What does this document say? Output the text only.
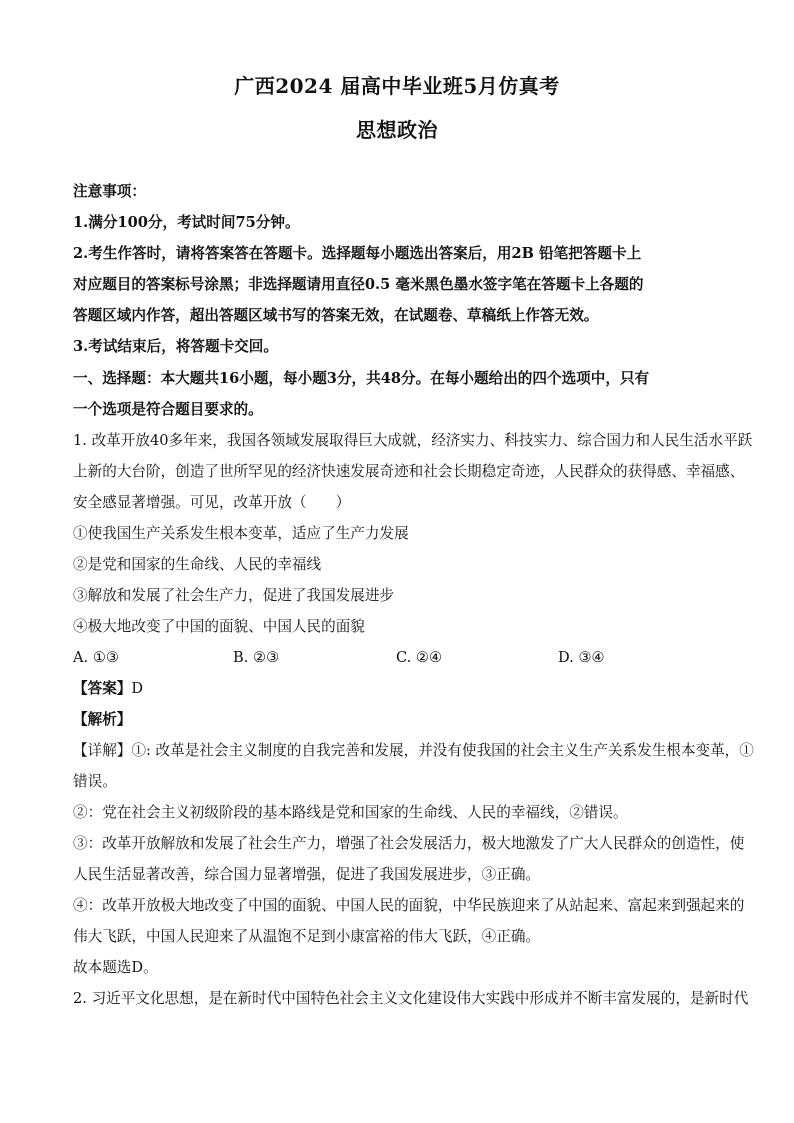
广西2024 届高中毕业班5月仿真考
思想政治
注意事项：
1.满分100分，考试时间75分钟。
2.考生作答时，请将答案答在答题卡。选择题每小题选出答案后，用2B 铅笔把答题卡上
对应题目的答案标号涂黑；非选择题请用直径0.5 毫米黑色墨水签字笔在答题卡上各题的
答题区域内作答，超出答题区域书写的答案无效，在试题卷、草稿纸上作答无效。
3.考试结束后，将答题卡交回。
一、选择题：本大题共16小题，每小题3分，共48分。在每小题给出的四个选项中，只有
一个选项是符合题目要求的。
1. 改革开放40多年来，我国各领域发展取得巨大成就，经济实力、科技实力、综合国力和人民生活水平跃
上新的大台阶，创造了世所罕见的经济快速发展奇迹和社会长期稳定奇迹，人民群众的获得感、幸福感、
安全感显著增强。可见，改革开放（　　）
①使我国生产关系发生根本变革，适应了生产力发展
②是党和国家的生命线、人民的幸福线
③解放和发展了社会生产力，促进了我国发展进步
④极大地改变了中国的面貌、中国人民的面貌
A. ①③	B. ②③	C. ②④	D. ③④
【答案】D
【解析】
【详解】①: 改革是社会主义制度的自我完善和发展，并没有使我国的社会主义生产关系发生根本变革，①
错误。
②：党在社会主义初级阶段的基本路线是党和国家的生命线、人民的幸福线，②错误。
③：改革开放解放和发展了社会生产力，增强了社会发展活力，极大地激发了广大人民群众的创造性，使
人民生活显著改善，综合国力显著增强，促进了我国发展进步，③正确。
④：改革开放极大地改变了中国的面貌、中国人民的面貌，中华民族迎来了从站起来、富起来到强起来的
伟大飞跃，中国人民迎来了从温饱不足到小康富裕的伟大飞跃，④正确。
故本题选D。
2. 习近平文化思想，是在新时代中国特色社会主义文化建设伟大实践中形成并不断丰富发展的，是新时代
